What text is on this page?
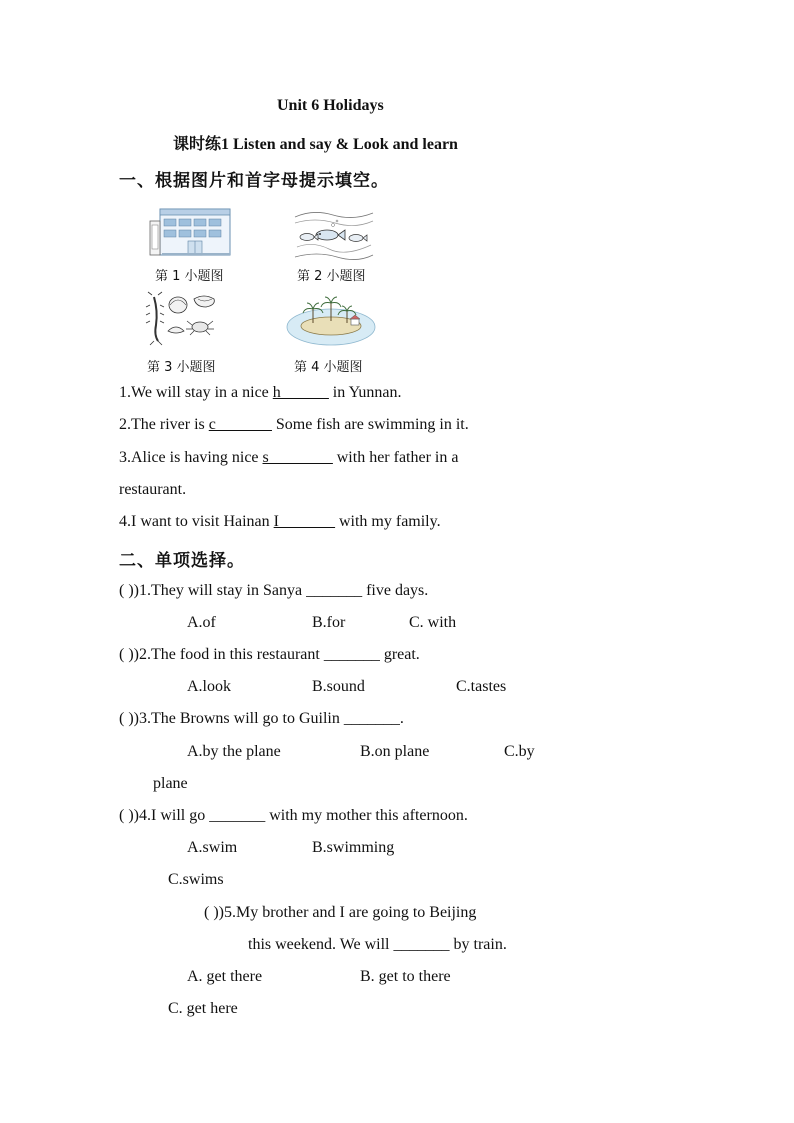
Unit 6 Holidays
课时练1 Listen and say & Look and learn
一、根据图片和首字母提示填空。
第 1 小题图	第 2 小题图
第 3 小题图	第 4 小题图
1.We will stay in a nice h______ in Yunnan.
2.The river is c_______ Some fish are swimming in it.
3.Alice is having nice s________ with her father in a
restaurant.
4.I want to visit Hainan I_______ with my family.
二、单项选择。
( ))1.They will stay in Sanya _______ five days.
A.of	B.for	C. with
( ))2.The food in this restaurant _______ great.
A.look	B.sound	C.tastes
( ))3.The Browns will go to Guilin _______.
A.by the plane	B.on plane	C.by
plane
( ))4.I will go _______ with my mother this afternoon.
A.swim	B.swimming
C.swims
( ))5.My brother and I are going to Beijing
this weekend. We will _______ by train.
A. get there	B. get to there
C. get here
